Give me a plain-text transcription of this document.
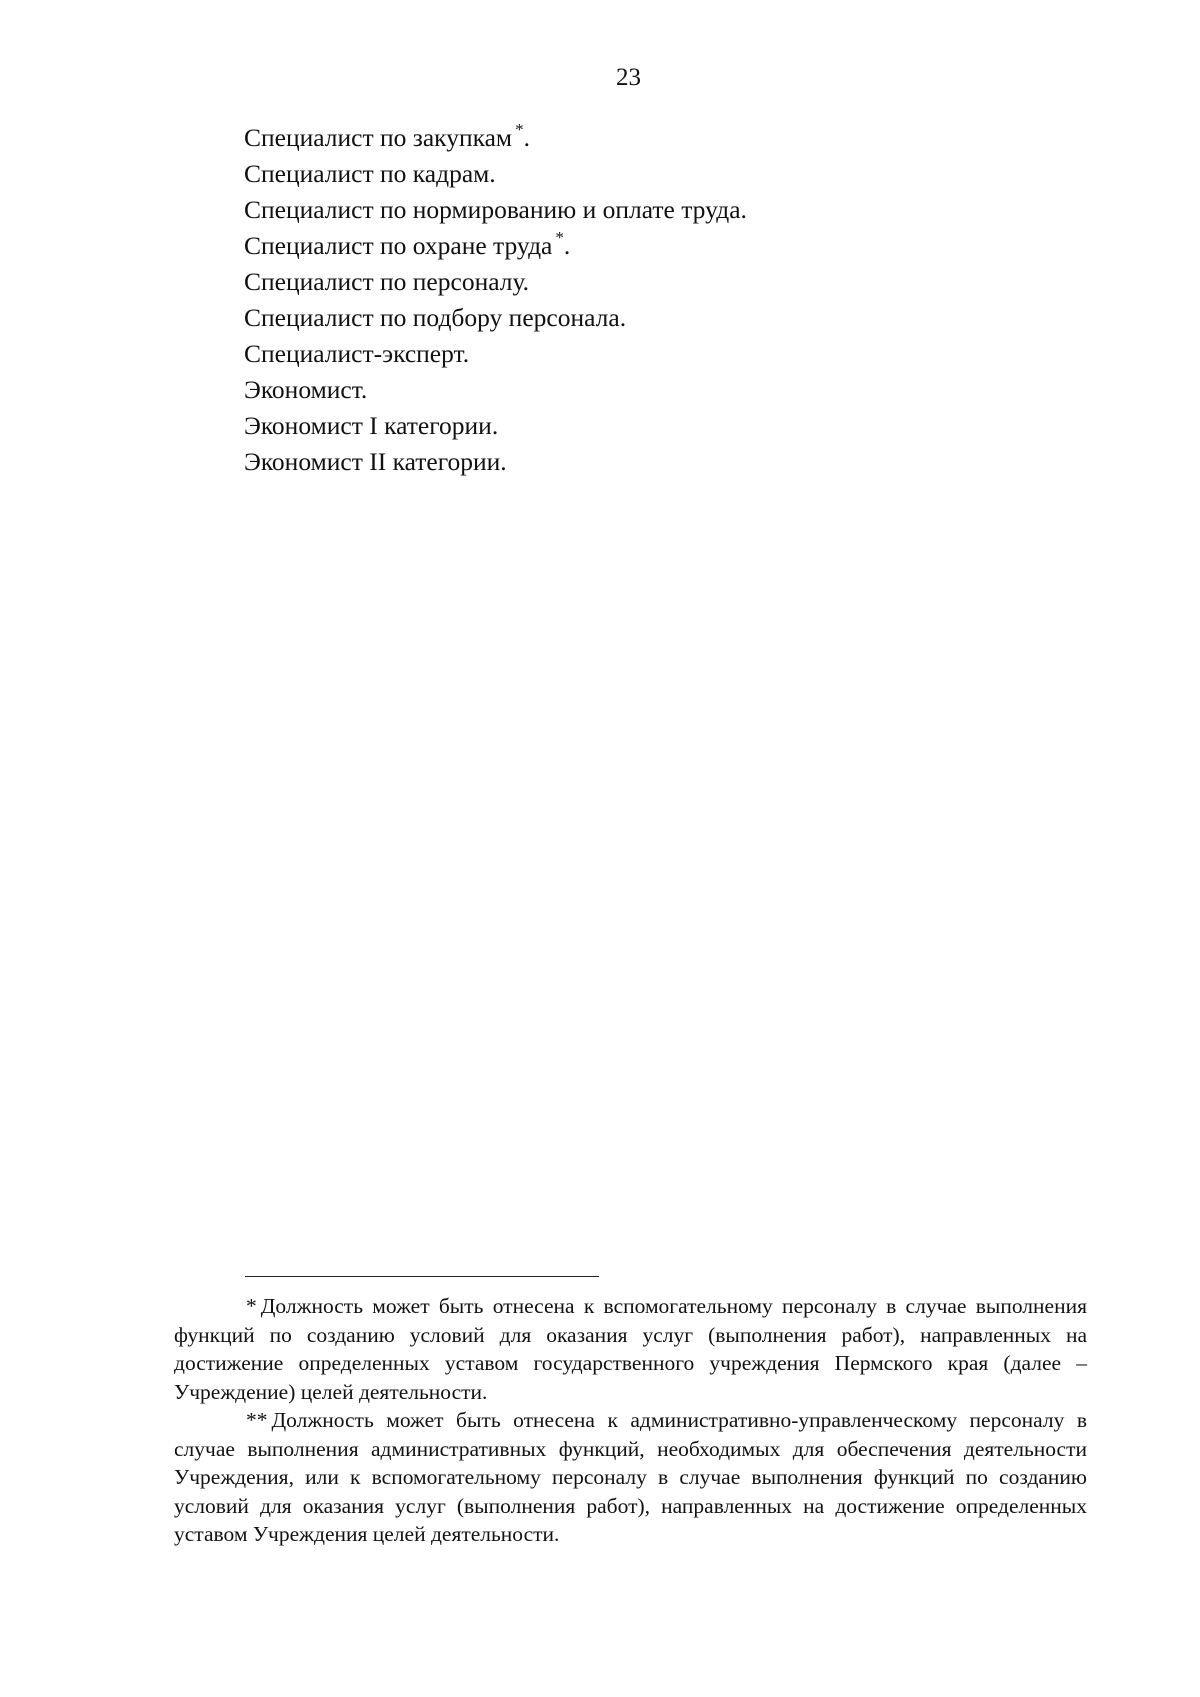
23
Специалист по закупкам *.
Специалист по кадрам.
Специалист по нормированию и оплате труда.
Специалист по охране труда *.
Специалист по персоналу.
Специалист по подбору персонала.
Специалист-эксперт.
Экономист.
Экономист I категории.
Экономист II категории.

* Должность может быть отнесена к вспомогательному персоналу в случае выполнения функций по созданию условий для оказания услуг (выполнения работ), направленных на достижение определенных уставом государственного учреждения Пермского края (далее – Учреждение) целей деятельности.

** Должность может быть отнесена к административно-управленческому персоналу в случае выполнения административных функций, необходимых для обеспечения деятельности Учреждения, или к вспомогательному персоналу в случае выполнения функций по созданию условий для оказания услуг (выполнения работ), направленных на достижение определенных уставом Учреждения целей деятельности.
